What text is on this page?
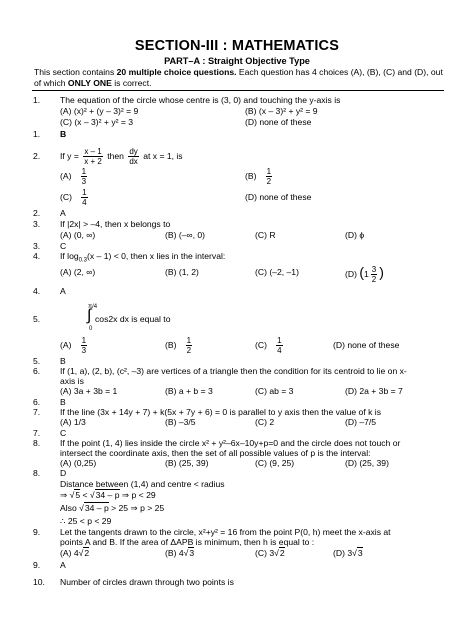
SECTION-III : MATHEMATICS
PART–A : Straight Objective Type
This section contains 20 multiple choice questions. Each question has 4 choices (A), (B), (C) and (D), out of which ONLY ONE is correct.
1. The equation of the circle whose centre is (3, 0) and touching the y-axis is
(A) (x)² + (y – 3)² = 9	(B) (x – 3)² + y² = 9
(C) (x – 3)² + y² = 3	(D) none of these
1. B
2. If $y = \frac{x - 1}{x + 2}$ then $\frac{dy}{dx}$ at x = 1, is
$(A) \frac{1}{3}$	$(B) \frac{1}{2}$
$(C) \frac{1}{4}$	(D) none of these
2. A
3. If |2x| > –4, then x belongs to
(A) (0, ∞)	(B) (–∞, 0)	(C) R	(D) ϕ
3. C
4. If $\log_{0.3}(x - 1) < 0$, then x lies in the interval:
(A) (2, ∞)	(B) (1, 2)	(C) (–2, –1)	(D) ($1 \frac{3}{2}$ )
4. A
5.
π/4
∫
0
cos2x dx is equal to
$(A) \frac{1}{3}$	$(B) \frac{1}{2}$	$(C) \frac{1}{4}$	(D) none of these
5. B
6. If (1, a), (2, b), (c², –3) are vertices of a triangle then the condition for its centroid to lie on x-
axis is
(A) 3a + 3b = 1	(B) a + b = 3	(C) ab = 3	(D) 2a + 3b = 7
6. B
7. If the line (3x + 14y + 7) + k(5x + 7y + 6) = 0 is parallel to y axis then the value of k is
(A) 1/3	(B) –3/5	(C) 2	(D) –7/5
7. C
8. If the point (1, 4) lies inside the circle x² + y²–6x–10y+p=0 and the circle does not touch or
intersect the coordinate axis, then the set of all possible values of p is the interval:
(A) (0,25)	(B) (25, 39)	(C) (9, 25)	(D) (25, 39)
8. D
Distance between (1,4) and centre < radius
⇒ √5 < √34 – p ⇒ p < 29
Also √34 – p > 25 ⇒ p > 25
∴ 25 < p < 29
9. Let the tangents drawn to the circle, x²+y² = 16 from the point P(0, h) meet the x-axis at
points A and B. If the area of ΔAPB is minimum, then h is equal to :
(A) 4√2	(B) 4√3	(C) 3√2	(D) 3√3
9. A
10. Number of circles drawn through two points is
